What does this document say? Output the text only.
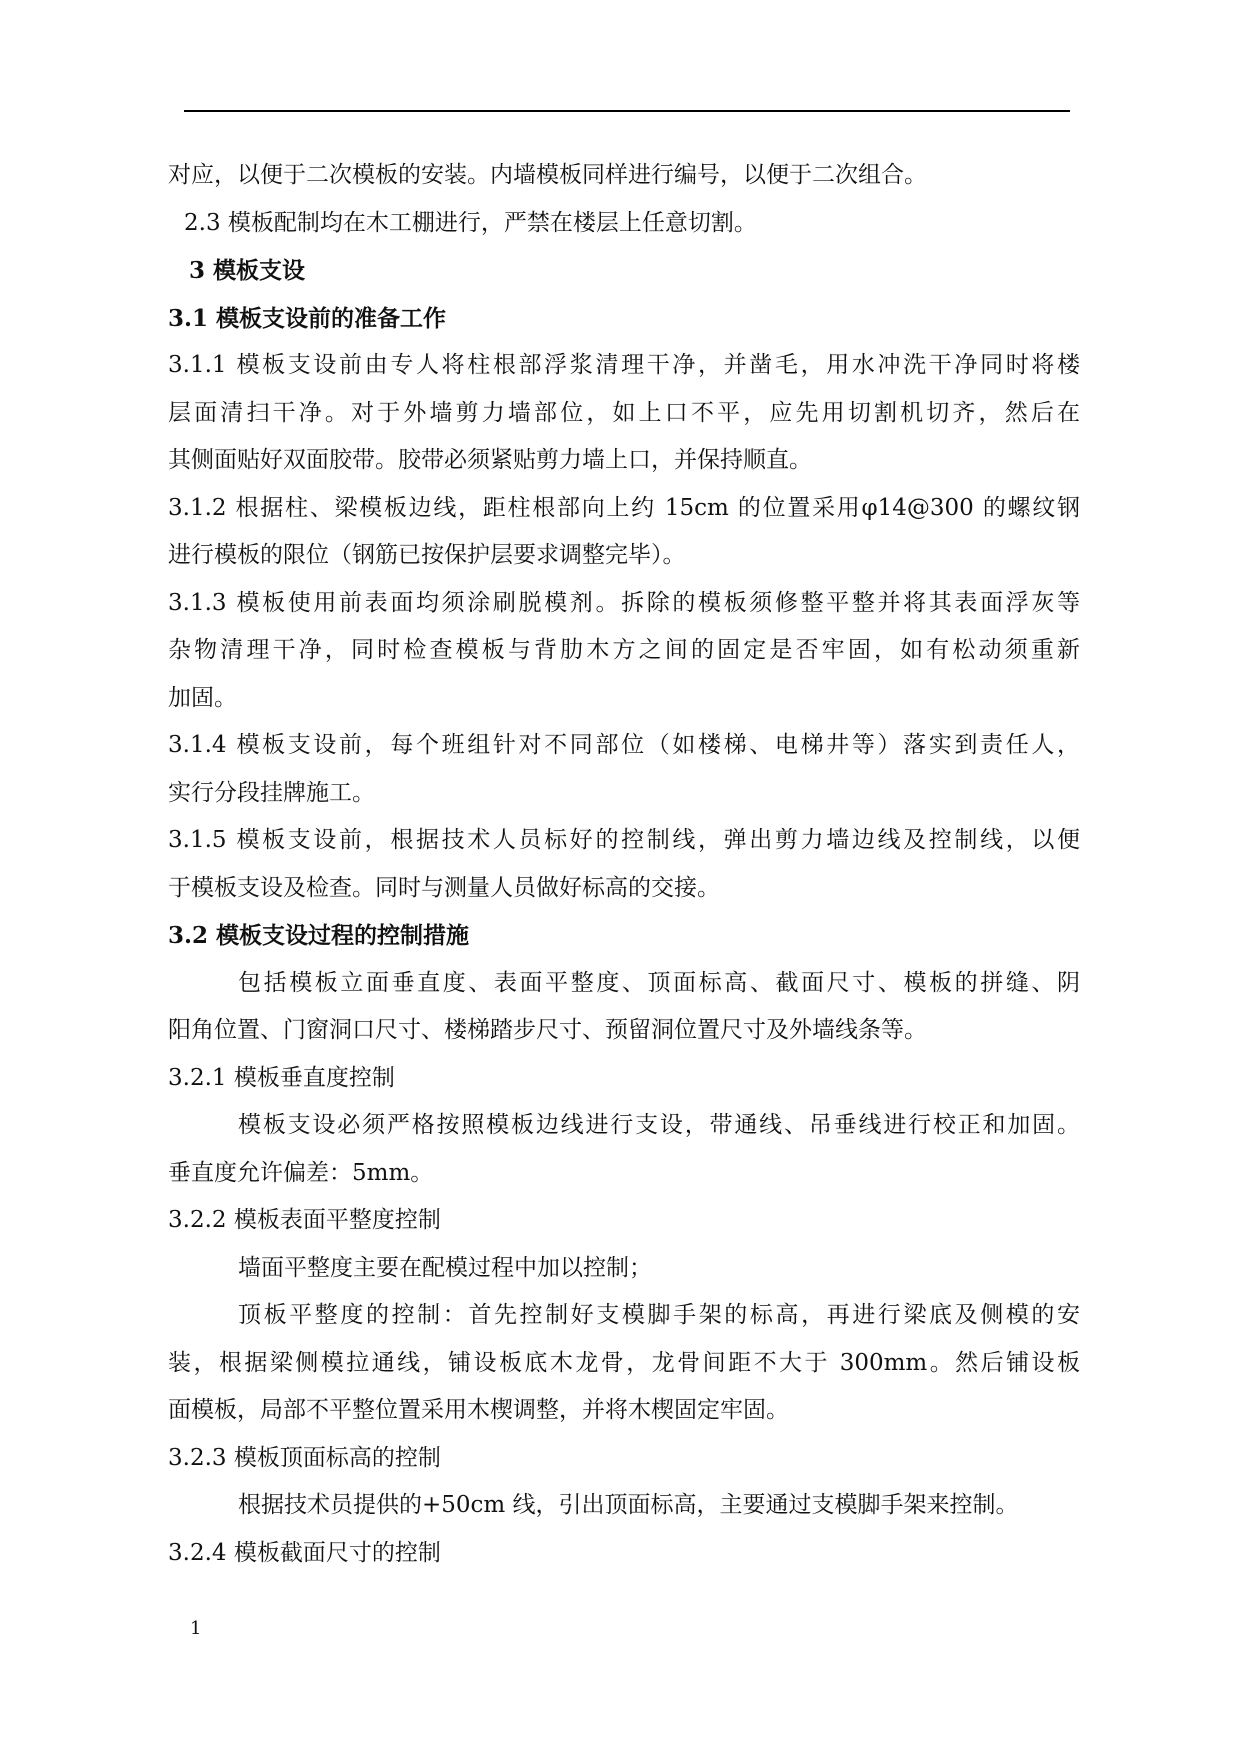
对应，以便于二次模板的安装。内墙模板同样进行编号，以便于二次组合。

2.3 模板配制均在木工棚进行，严禁在楼层上任意切割。

3 模板支设

3.1 模板支设前的准备工作

3.1.1 模板支设前由专人将柱根部浮浆清理干净，并凿毛，用水冲洗干净同时将楼

层面清扫干净。对于外墙剪力墙部位，如上口不平，应先用切割机切齐，然后在

其侧面贴好双面胶带。胶带必须紧贴剪力墙上口，并保持顺直。

3.1.2 根据柱、梁模板边线，距柱根部向上约 15cm 的位置采用φ14@300 的螺纹钢

进行模板的限位（钢筋已按保护层要求调整完毕）。

3.1.3 模板使用前表面均须涂刷脱模剂。拆除的模板须修整平整并将其表面浮灰等

杂物清理干净，同时检查模板与背肋木方之间的固定是否牢固，如有松动须重新

加固。

3.1.4 模板支设前，每个班组针对不同部位（如楼梯、电梯井等）落实到责任人，

实行分段挂牌施工。

3.1.5 模板支设前，根据技术人员标好的控制线，弹出剪力墙边线及控制线，以便

于模板支设及检查。同时与测量人员做好标高的交接。

3.2 模板支设过程的控制措施

包括模板立面垂直度、表面平整度、顶面标高、截面尺寸、模板的拼缝、阴

阳角位置、门窗洞口尺寸、楼梯踏步尺寸、预留洞位置尺寸及外墙线条等。

3.2.1 模板垂直度控制

模板支设必须严格按照模板边线进行支设，带通线、吊垂线进行校正和加固。

垂直度允许偏差：5mm。

3.2.2 模板表面平整度控制

墙面平整度主要在配模过程中加以控制；

顶板平整度的控制：首先控制好支模脚手架的标高，再进行梁底及侧模的安

装，根据梁侧模拉通线，铺设板底木龙骨，龙骨间距不大于 300mm。然后铺设板

面模板，局部不平整位置采用木楔调整，并将木楔固定牢固。

3.2.3 模板顶面标高的控制

根据技术员提供的+50cm 线，引出顶面标高，主要通过支模脚手架来控制。

3.2.4 模板截面尺寸的控制

1
